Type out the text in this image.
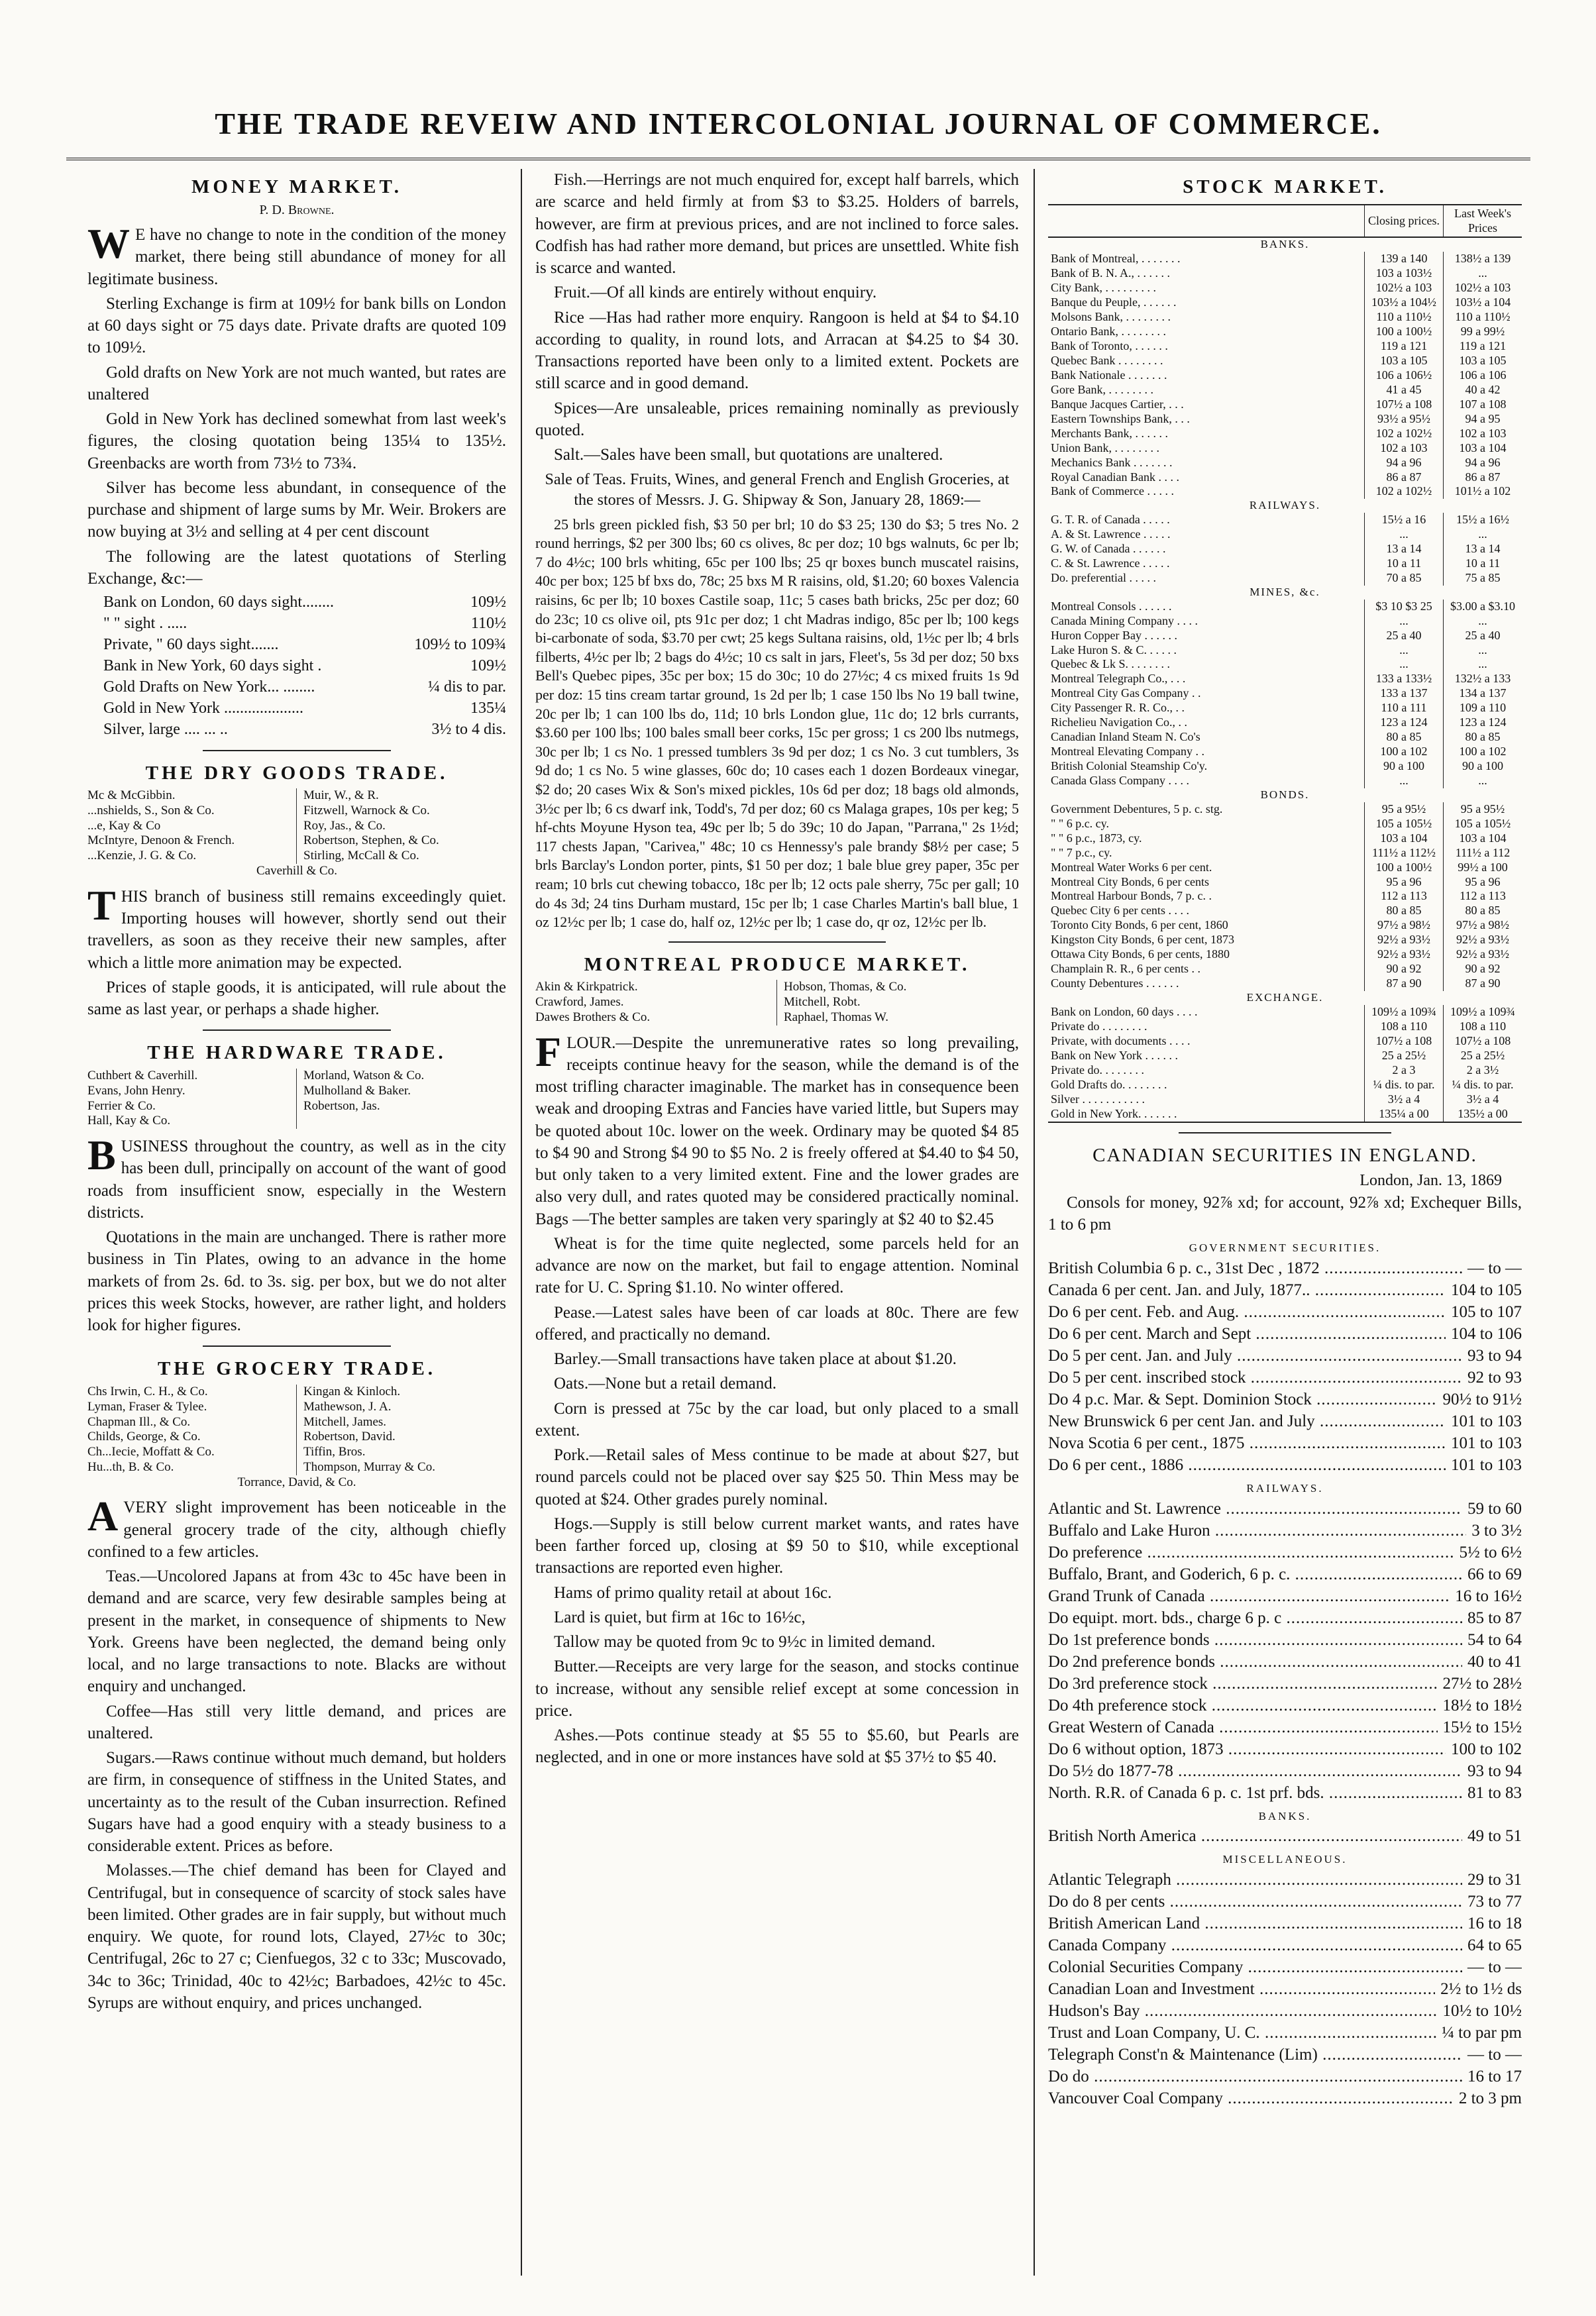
THE TRADE REVEIW AND INTERCOLONIAL JOURNAL OF COMMERCE.
MONEY MARKET.
P. D. Browne.
W E have no change to note in the condition of the money market, there being still abundance of money for all legitimate business.
Sterling Exchange is firm at 109½ for bank bills on London at 60 days sight or 75 days date. Private drafts are quoted 109 to 109½.
Gold drafts on New York are not much wanted, but rates are unaltered
Gold in New York has declined somewhat from last week's figures, the closing quotation being 135¼ to 135½. Greenbacks are worth from 73½ to 73¾.
Silver has become less abundant, in consequence of the purchase and shipment of large sums by Mr. Weir. Brokers are now buying at 3½ and selling at 4 per cent discount
The following are the latest quotations of Sterling Exchange, &c:—
Bank on London, 60 days sight........	109½
" " sight . .....	110½
Private, " 60 days sight.......	109½ to 109¾
Bank in New York, 60 days sight .	109½
Gold Drafts on New York... ........	¼ dis to par.
Gold in New York ....................	135¼
Silver, large .... ... ..	3½ to 4 dis.
THE DRY GOODS TRADE.
Mc & McGibbin.	Muir, W., & R.
...nshields, S., Son & Co.	Fitzwell, Warnock & Co.
...e, Kay & Co	Roy, Jas., & Co.
McIntyre, Denoon & French.	Robertson, Stephen, & Co.
...Kenzie, J. G. & Co.	Stirling, McCall & Co.
Caverhill & Co.
THIS branch of business still remains exceedingly quiet. Importing houses will however, shortly send out their travellers, as soon as they receive their new samples, after which a little more animation may be expected.
Prices of staple goods, it is anticipated, will rule about the same as last year, or perhaps a shade higher.
THE HARDWARE TRADE.
Cuthbert & Caverhill.	Morland, Watson & Co.
Evans, John Henry.	Mulholland & Baker.
Ferrier & Co.	Robertson, Jas.
Hall, Kay & Co.
BUSINESS throughout the country, as well as in the city has been dull, principally on account of the want of good roads from insufficient snow, especially in the Western districts.
Quotations in the main are unchanged. There is rather more business in Tin Plates, owing to an advance in the home markets of from 2s. 6d. to 3s. sig. per box, but we do not alter prices this week Stocks, however, are rather light, and holders look for higher figures.
THE GROCERY TRADE.
Chs Irwin, C. H., & Co.	Kingan & Kinloch.
Lyman, Fraser & Tylee.	Mathewson, J. A.
Chapman Ill., & Co.	Mitchell, James.
Childs, George, & Co.	Robertson, David.
Ch...Iecie, Moffatt & Co.	Tiffin, Bros.
Hu...th, B. & Co.	Thompson, Murray & Co.
Torrance, David, & Co.
AVERY slight improvement has been noticeable in the general grocery trade of the city, although chiefly confined to a few articles.
Teas.—Uncolored Japans at from 43c to 45c have been in demand and are scarce, very few desirable samples being at present in the market, in consequence of shipments to New York. Greens have been neglected, the demand being only local, and no large transactions to note. Blacks are without enquiry and unchanged.
Coffee—Has still very little demand, and prices are unaltered.
Sugars.—Raws continue without much demand, but holders are firm, in consequence of stiffness in the United States, and uncertainty as to the result of the Cuban insurrection. Refined Sugars have had a good enquiry with a steady business to a considerable extent. Prices as before.
Molasses.—The chief demand has been for Clayed and Centrifugal, but in consequence of scarcity of stock sales have been limited. Other grades are in fair supply, but without much enquiry. We quote, for round lots, Clayed, 27½c to 30c; Centrifugal, 26c to 27 c; Cienfuegos, 32 c to 33c; Muscovado, 34c to 36c; Trinidad, 40c to 42½c; Barbadoes, 42½c to 45c. Syrups are without enquiry, and prices unchanged.
Fish.—Herrings are not much enquired for, except half barrels, which are scarce and held firmly at from $3 to $3.25. Holders of barrels, however, are firm at previous prices, and are not inclined to force sales. Codfish has had rather more demand, but prices are unsettled. White fish is scarce and wanted.
Fruit.—Of all kinds are entirely without enquiry.
Rice —Has had rather more enquiry. Rangoon is held at $4 to $4.10 according to quality, in round lots, and Arracan at $4.25 to $4 30. Transactions reported have been only to a limited extent. Pockets are still scarce and in good demand.
Spices—Are unsaleable, prices remaining nominally as previously quoted.
Salt.—Sales have been small, but quotations are unaltered.
Sale of Teas. Fruits, Wines, and general French and English Groceries, at the stores of Messrs. J. G. Shipway & Son, January 28, 1869:—
25 brls green pickled fish, $3 50 per brl; 10 do $3 25; 130 do $3; 5 tres No. 2 round herrings, $2 per 300 lbs; 60 cs olives, 8c per doz; 10 bgs walnuts, 6c per lb; 7 do 4½c; 100 brls whiting, 65c per 100 lbs; 25 qr boxes bunch muscatel raisins, 40c per box; 125 bf bxs do, 78c; 25 bxs M R raisins, old, $1.20; 60 boxes Valencia raisins, 6c per lb; 10 boxes Castile soap, 11c; 5 cases bath bricks, 25c per doz; 60 do 23c; 10 cs olive oil, pts 91c per doz; 1 cht Madras indigo, 85c per lb; 100 kegs bi-carbonate of soda, $3.70 per cwt; 25 kegs Sultana raisins, old, 1½c per lb; 4 brls filberts, 4½c per lb; 2 bags do 4½c; 10 cs salt in jars, Fleet's, 5s 3d per doz; 50 bxs Bell's Quebec pipes, 35c per box; 15 do 30c; 10 do 27½c; 4 cs mixed fruits 1s 9d per doz: 15 tins cream tartar ground, 1s 2d per lb; 1 case 150 lbs No 19 ball twine, 20c per lb; 1 can 100 lbs do, 11d; 10 brls London glue, 11c do; 12 brls currants, $3.60 per 100 lbs; 100 bales small beer corks, 15c per gross; 1 cs 200 lbs nutmegs, 30c per lb; 1 cs No. 1 pressed tumblers 3s 9d per doz; 1 cs No. 3 cut tumblers, 3s 9d do; 1 cs No. 5 wine glasses, 60c do; 10 cases each 1 dozen Bordeaux vinegar, $2 do; 20 cases Wix & Son's mixed pickles, 10s 6d per doz; 18 bags old almonds, 3½c per lb; 6 cs dwarf ink, Todd's, 7d per doz; 60 cs Malaga grapes, 10s per keg; 5 hf-chts Moyune Hyson tea, 49c per lb; 5 do 39c; 10 do Japan, "Parrana," 2s 1½d; 117 chests Japan, "Carivea," 48c; 10 cs Hennessy's pale brandy $8½ per case; 5 brls Barclay's London porter, pints, $1 50 per doz; 1 bale blue grey paper, 35c per ream; 10 brls cut chewing tobacco, 18c per lb; 12 octs pale sherry, 75c per gall; 10 do 4s 3d; 24 tins Durham mustard, 15c per lb; 1 case Charles Martin's ball blue, 1 oz 12½c per lb; 1 case do, half oz, 12½c per lb; 1 case do, qr oz, 12½c per lb.
MONTREAL PRODUCE MARKET.
Akin & Kirkpatrick.	Hobson, Thomas, & Co.
Crawford, James.	Mitchell, Robt.
Dawes Brothers & Co.	Raphael, Thomas W.
FLOUR.—Despite the unremunerative rates so long prevailing, receipts continue heavy for the season, while the demand is of the most trifling character imaginable. The market has in consequence been weak and drooping Extras and Fancies have varied little, but Supers may be quoted about 10c. lower on the week. Ordinary may be quoted $4 85 to $4 90 and Strong $4 90 to $5 No. 2 is freely offered at $4.40 to $4 50, but only taken to a very limited extent. Fine and the lower grades are also very dull, and rates quoted may be considered practically nominal. Bags —The better samples are taken very sparingly at $2 40 to $2.45
Wheat is for the time quite neglected, some parcels held for an advance are now on the market, but fail to engage attention. Nominal rate for U. C. Spring $1.10. No winter offered.
Pease.—Latest sales have been of car loads at 80c. There are few offered, and practically no demand.
Barley.—Small transactions have taken place at about $1.20.
Oats.—None but a retail demand.
Corn is pressed at 75c by the car load, but only placed to a small extent.
Pork.—Retail sales of Mess continue to be made at about $27, but round parcels could not be placed over say $25 50. Thin Mess may be quoted at $24. Other grades purely nominal.
Hogs.—Supply is still below current market wants, and rates have been farther forced up, closing at $9 50 to $10, while exceptional transactions are reported even higher.
Hams of primo quality retail at about 16c.
Lard is quiet, but firm at 16c to 16½c,
Tallow may be quoted from 9c to 9½c in limited demand.
Butter.—Receipts are very large for the season, and stocks continue to increase, without any sensible relief except at some concession in price.
Ashes.—Pots continue steady at $5 55 to $5.60, but Pearls are neglected, and in one or more instances have sold at $5 37½ to $5 40.
STOCK MARKET.
	Closing prices.	Last Week's Prices
BANKS.		
Bank of Montreal, . . . . . . .	139 a 140	138½ a 139
Bank of B. N. A., . . . . . .	103 a 103½	...
City Bank, . . . . . . . . .	102½ a 103	102½ a 103
Banque du Peuple, . . . . . .	103½ a 104½	103½ a 104
Molsons Bank, . . . . . . . .	110 a 110½	110 a 110½
Ontario Bank, . . . . . . . .	100 a 100½	99 a 99½
Bank of Toronto, . . . . . .	119 a 121	119 a 121
Quebec Bank . . . . . . . .	103 a 105	103 a 105
Bank Nationale . . . . . . .	106 a 106½	106 a 106
Gore Bank, . . . . . . . .	41 a 45	40 a 42
Banque Jacques Cartier, . . .	107½ a 108	107 a 108
Eastern Townships Bank, . . .	93½ a 95½	94 a 95
Merchants Bank, . . . . . .	102 a 102½	102 a 103
Union Bank, . . . . . . . .	102 a 103	103 a 104
Mechanics Bank . . . . . . .	94 a 96	94 a 96
Royal Canadian Bank . . . .	86 a 87	86 a 87
Bank of Commerce . . . . .	102 a 102½	101½ a 102
RAILWAYS.		
G. T. R. of Canada . . . . .	15½ a 16	15½ a 16½
A. & St. Lawrence . . . . .	...	...
G. W. of Canada . . . . . .	13 a 14	13 a 14
C. & St. Lawrence . . . . .	10 a 11	10 a 11
Do. preferential . . . . .	70 a 85	75 a 85
MINES, &c.		
Montreal Consols . . . . . .	$3 10 $3 25	$3.00 a $3.10
Canada Mining Company . . . .	...	...
Huron Copper Bay . . . . . .	25 a 40	25 a 40
Lake Huron S. & C. . . . . .	...	...
Quebec & Lk S. . . . . . . .	...	...
Montreal Telegraph Co., . . .	133 a 133½	132½ a 133
Montreal City Gas Company . .	133 a 137	134 a 137
City Passenger R. R. Co., . .	110 a 111	109 a 110
Richelieu Navigation Co., . .	123 a 124	123 a 124
Canadian Inland Steam N. Co's	80 a 85	80 a 85
Montreal Elevating Company . .	100 a 102	100 a 102
British Colonial Steamship Co'y.	90 a 100	90 a 100
Canada Glass Company . . . .	...	...
BONDS.		
Government Debentures, 5 p. c. stg.	95 a 95½	95 a 95½
" " 6 p.c. cy.	105 a 105½	105 a 105½
" " 6 p.c., 1873, cy.	103 a 104	103 a 104
" " 7 p.c., cy.	111½ a 112½	111½ a 112
Montreal Water Works 6 per cent.	100 a 100½	99½ a 100
Montreal City Bonds, 6 per cents	95 a 96	95 a 96
Montreal Harbour Bonds, 7 p. c. .	112 a 113	112 a 113
Quebec City 6 per cents . . . .	80 a 85	80 a 85
Toronto City Bonds, 6 per cent, 1860	97½ a 98½	97½ a 98½
Kingston City Bonds, 6 per cent, 1873	92½ a 93½	92½ a 93½
Ottawa City Bonds, 6 per cents, 1880	92½ a 93½	92½ a 93½
Champlain R. R., 6 per cents . .	90 a 92	90 a 92
County Debentures . . . . . .	87 a 90	87 a 90
EXCHANGE.		
Bank on London, 60 days . . . .	109½ a 109¾	109½ a 109¾
Private do . . . . . . . .	108 a 110	108 a 110
Private, with documents . . . .	107½ a 108	107½ a 108
Bank on New York . . . . . .	25 a 25½	25 a 25½
Private do. . . . . . . .	2 a 3	2 a 3½
Gold Drafts do. . . . . . . .	¼ dis. to par.	¼ dis. to par.
Silver . . . . . . . . . . .	3½ a 4	3½ a 4
Gold in New York. . . . . . .	135¼ a 00	135½ a 00
CANADIAN SECURITIES IN ENGLAND.
London, Jan. 13, 1869
Consols for money, 92⅞ xd; for account, 92⅞ xd; Exchequer Bills, 1 to 6 pm
GOVERNMENT SECURITIES.
British Columbia 6 p. c., 31st Dec , 1872 .....	— to —
Canada 6 per cent. Jan. and July, 1877.. .....	104 to 105
Do 6 per cent. Feb. and Aug. .....	105 to 107
Do 6 per cent. March and Sept .....	104 to 106
Do 5 per cent. Jan. and July .....	93 to 94
Do 5 per cent. inscribed stock .....	92 to 93
Do 4 p.c. Mar. & Sept. Dominion Stock .....	90½ to 91½
New Brunswick 6 per cent Jan. and July .....	101 to 103
Nova Scotia 6 per cent., 1875 .....	101 to 103
Do 6 per cent., 1886 .....	101 to 103
RAILWAYS.
Atlantic and St. Lawrence .....	59 to 60
Buffalo and Lake Huron .....	3 to 3½
Do preference .....	5½ to 6½
Buffalo, Brant, and Goderich, 6 p. c. .....	66 to 69
Grand Trunk of Canada .....	16 to 16½
Do equipt. mort. bds., charge 6 p. c .....	85 to 87
Do 1st preference bonds .....	54 to 64
Do 2nd preference bonds .....	40 to 41
Do 3rd preference stock .....	27½ to 28½
Do 4th preference stock .....	18½ to 18½
Great Western of Canada .....	15½ to 15½
Do 6 without option, 1873 .....	100 to 102
Do 5½ do 1877-78 .....	93 to 94
North. R.R. of Canada 6 p. c. 1st prf. bds. .....	81 to 83
BANKS.
British North America .....	49 to 51
MISCELLANEOUS.
Atlantic Telegraph .....	29 to 31
Do do 8 per cents .....	73 to 77
British American Land .....	16 to 18
Canada Company .....	64 to 65
Colonial Securities Company .....	— to —
Canadian Loan and Investment .....	2½ to 1½ ds
Hudson's Bay .....	10½ to 10½
Trust and Loan Company, U. C. .....	¼ to par pm
Telegraph Const'n & Maintenance (Lim) .....	— to —
Do do .....	16 to 17
Vancouver Coal Company .....	2 to 3 pm
